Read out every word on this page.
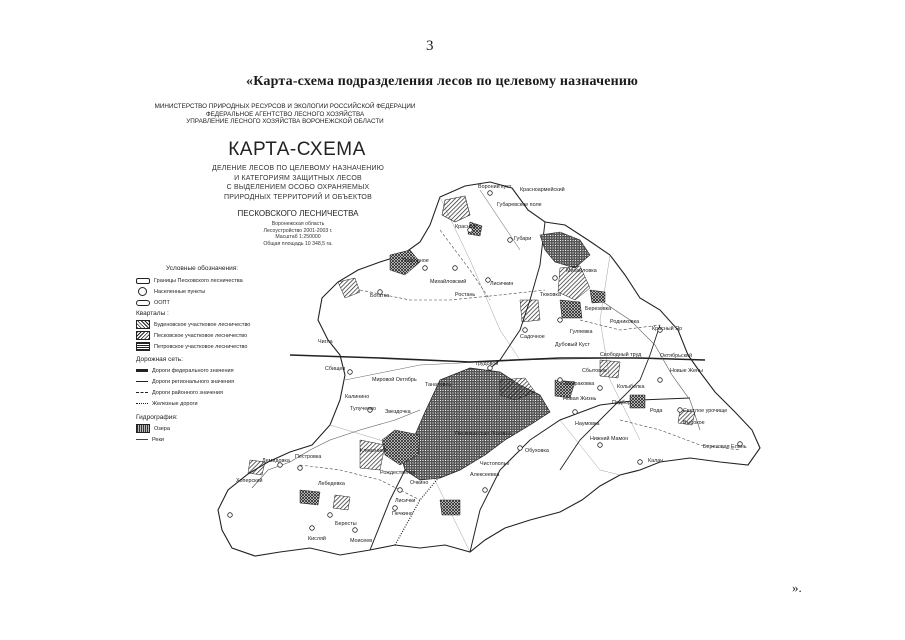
3
«Карта-схема подразделения лесов по целевому назначению
МИНИСТЕРСТВО ПРИРОДНЫХ РЕСУРСОВ И ЭКОЛОГИИ РОССИЙСКОЙ ФЕДЕРАЦИИ
ФЕДЕРАЛЬНОЕ АГЕНТСТВО ЛЕСНОГО ХОЗЯЙСТВА
УПРАВЛЕНИЕ ЛЕСНОГО ХОЗЯЙСТВА ВОРОНЕЖСКОЙ ОБЛАСТИ
КАРТА-СХЕМА
ДЕЛЕНИЕ ЛЕСОВ ПО ЦЕЛЕВОМУ НАЗНАЧЕНИЮ
И КАТЕГОРИЯМ ЗАЩИТНЫХ ЛЕСОВ
С ВЫДЕЛЕНИЕМ ОСОБО ОХРАНЯЕМЫХ
ПРИРОДНЫХ ТЕРРИТОРИЙ И ОБЪЕКТОВ
ПЕСКОВСКОГО ЛЕСНИЧЕСТВА
Воронежская область
Лесоустройство 2001-2003 г.
Масштаб 1:250000
Общая площадь 10 348,5 га.
Условные обозначения:
Границы Песковского лесничества
Населенные пункты
ООПТ
Кварталы :
Буденовское участковое лесничество
Песковское участковое лесничество
Петровское участковое лесничество
Дорожная сеть:
Дороги федерального значения
Дороги регионального значения
Дороги районного значения
Железные дороги
Гидрография:
Озера
Реки
Вороний куст Красноармейский
Губаревское поле
Красный
Губари
Михайловка
Подгорное
Михайловский
Ростань
Лисичкин
Тюковка
Богатка
Березовка
Родниковка
Красный Яр
Садочное
Гуляевка
Дубовый Куст
Октябрьский
Свободный труд
Новые Жены
Трудовой
Сбищев
Мировой Октябрь
Танаховка	Байраковка
Сбытовое
Новая Жизнь
Наумовка
Светлое урочище
Рода
Высокое
Калинино
Звездочка
Тулучеево
Песковатская Лозовка
Чигла
Обуховка
Березовая Елань
Хоперский
Рождественка
Очкино
Лисички
Печкино
Пестровка
Клевеники
Демидовка
Лебедевка
Моисеев
Кисляй
Бересты
Алексеевка
Чистополье
Нижний Мамон
Подбор
Колыбелка
Калач
».
